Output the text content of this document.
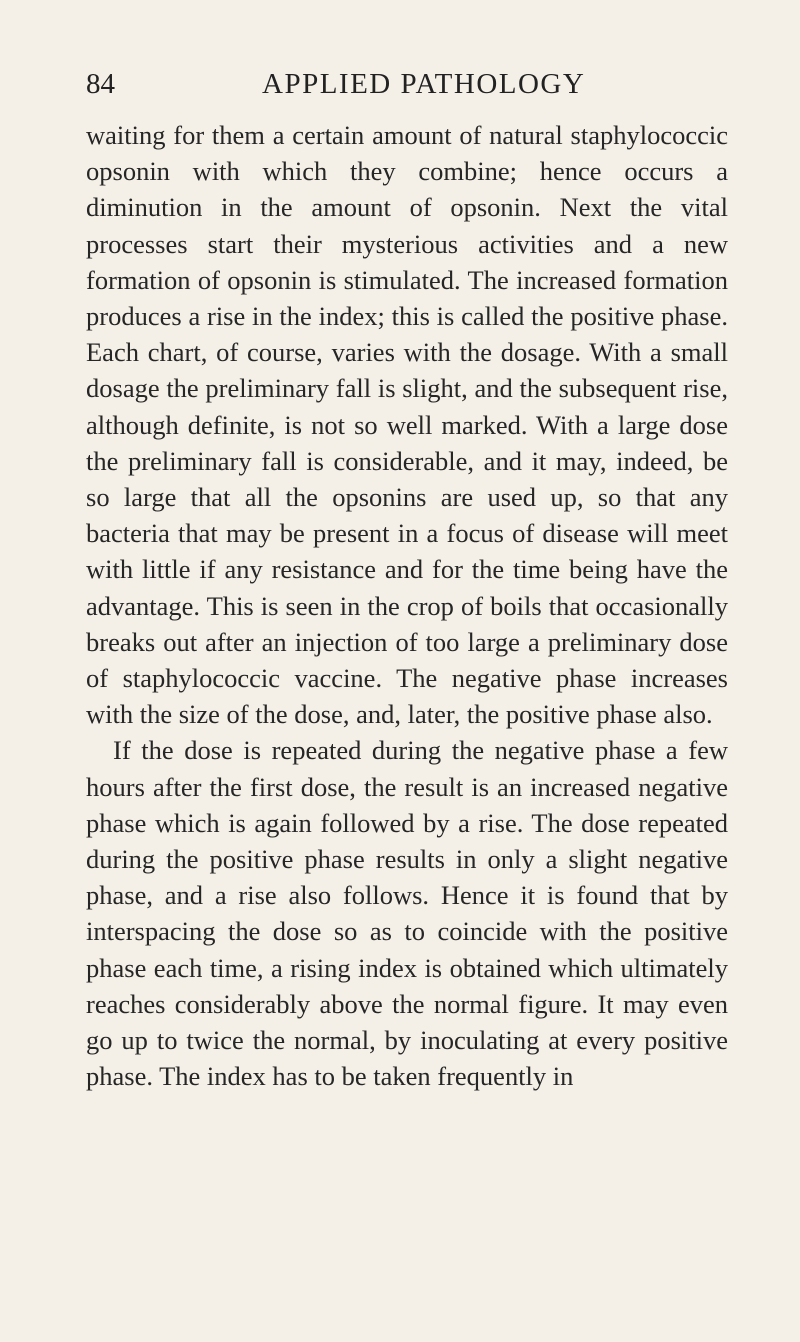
84	APPLIED PATHOLOGY

waiting for them a certain amount of natural staphylococcic opsonin with which they combine; hence occurs a diminution in the amount of opsonin. Next the vital processes start their mysterious activities and a new formation of opsonin is stimulated. The increased formation produces a rise in the index; this is called the positive phase. Each chart, of course, varies with the dosage. With a small dosage the preliminary fall is slight, and the subsequent rise, although definite, is not so well marked. With a large dose the preliminary fall is considerable, and it may, indeed, be so large that all the opsonins are used up, so that any bacteria that may be present in a focus of disease will meet with little if any resistance and for the time being have the advantage. This is seen in the crop of boils that occasionally breaks out after an injection of too large a preliminary dose of staphylococcic vaccine. The negative phase increases with the size of the dose, and, later, the positive phase also.

If the dose is repeated during the negative phase a few hours after the first dose, the result is an increased negative phase which is again followed by a rise. The dose repeated during the positive phase results in only a slight negative phase, and a rise also follows. Hence it is found that by interspacing the dose so as to coincide with the positive phase each time, a rising index is obtained which ultimately reaches considerably above the normal figure. It may even go up to twice the normal, by inoculating at every positive phase. The index has to be taken frequently in
